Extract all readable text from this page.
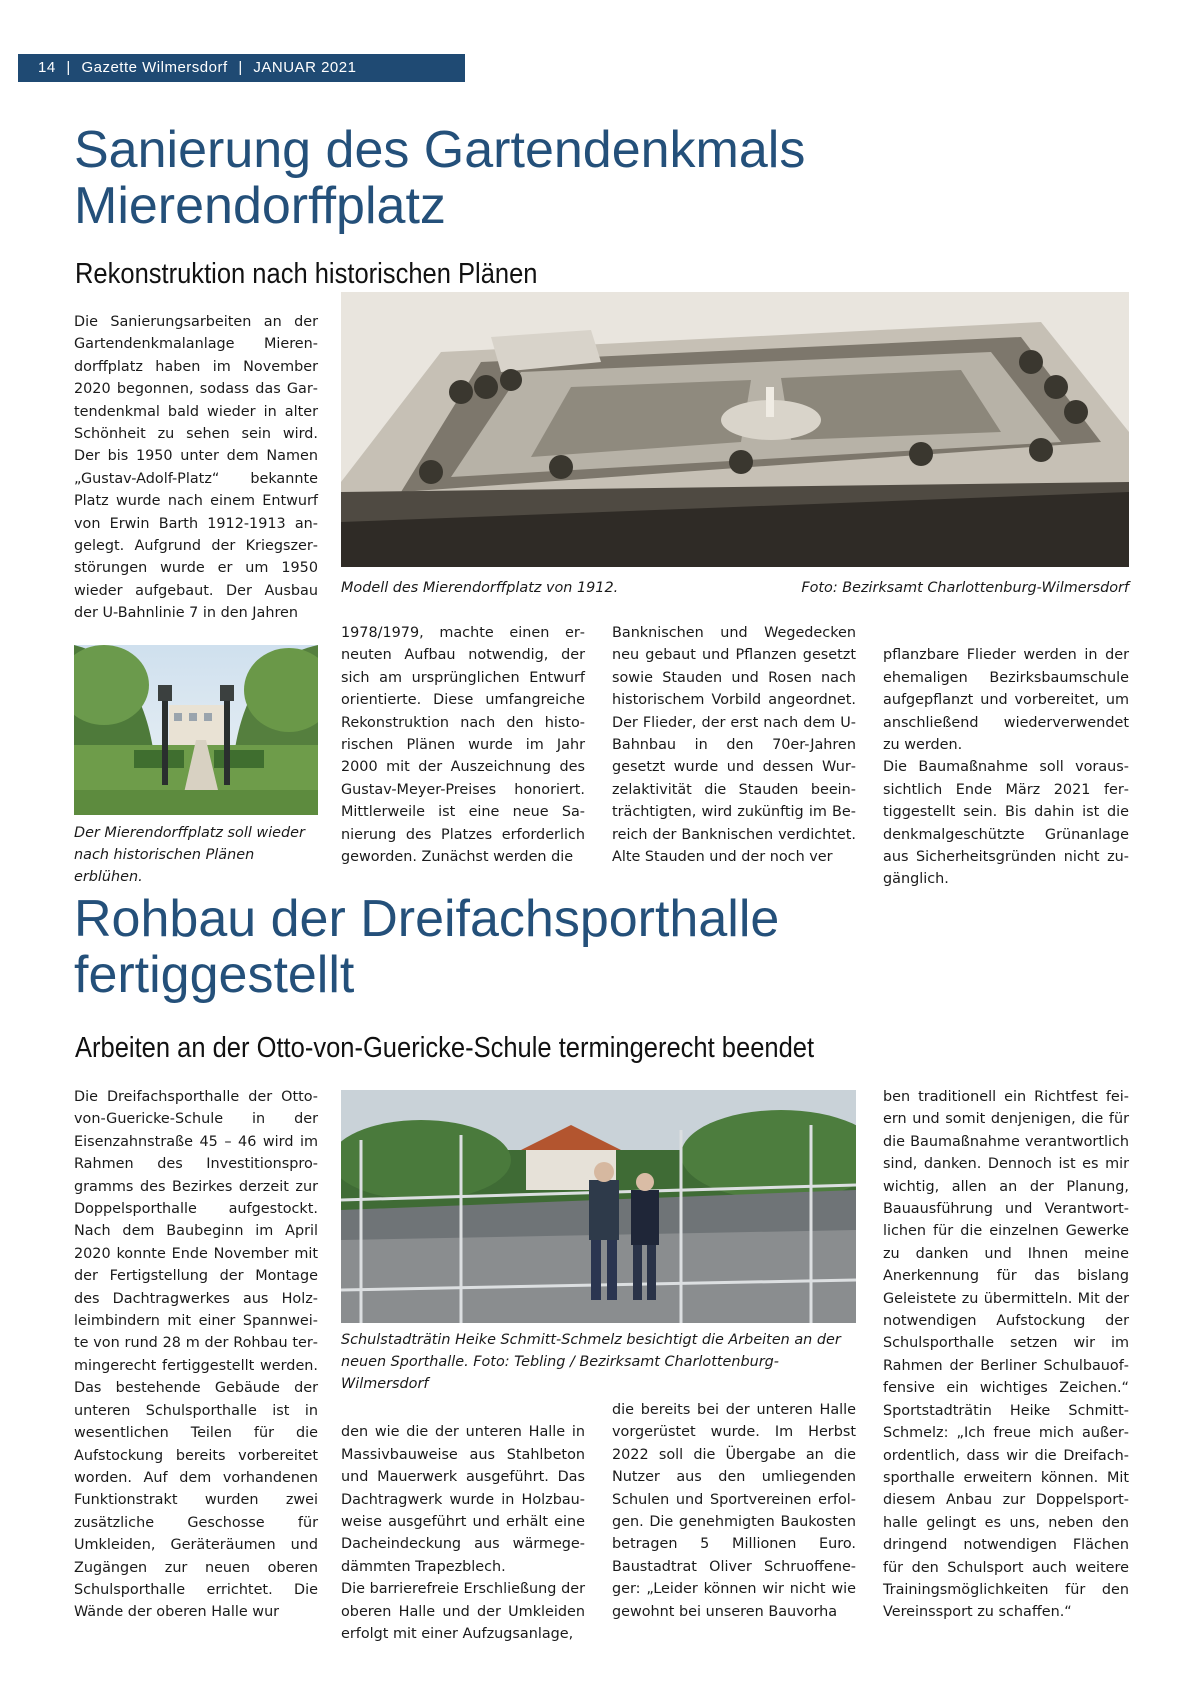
14 | Gazette Wilmersdorf | JANUAR 2021
Sanierung des Gartendenkmals
Mierendorffplatz
Rekonstruktion nach historischen Plänen

Die Sanierungsarbeiten an der Gartendenkmalanlage Mierendorffplatz haben im November 2020 begonnen, sodass das Gartendenkmal bald wieder in alter Schönheit zu sehen sein wird. Der bis 1950 unter dem Namen „Gustav-Adolf-Platz“ bekannte Platz wurde nach einem Entwurf von Erwin Barth 1912-1913 angelegt. Aufgrund der Kriegszerstörungen wurde er um 1950 wieder aufgebaut. Der Ausbau der U-Bahnlinie 7 in den Jahren

Der Mierendorffplatz soll wieder nach historischen Plänen erblühen.
Modell des Mierendorffplatz von 1912.	Foto: Bezirksamt Charlottenburg-Wilmersdorf

1978/1979, machte einen erneuten Aufbau notwendig, der sich am ursprünglichen Entwurf orientierte. Diese umfangreiche Rekonstruktion nach den historischen Plänen wurde im Jahr 2000 mit der Auszeichnung des Gustav-Meyer-Preises honoriert. Mittlerweile ist eine neue Sanierung des Platzes erforderlich geworden. Zunächst werden die

Banknischen und Wegedecken neu gebaut und Pflanzen gesetzt sowie Stauden und Rosen nach historischem Vorbild angeordnet. Der Flieder, der erst nach dem U-Bahnbau in den 70er-Jahren gesetzt wurde und dessen Wurzelaktivität die Stauden beeinträchtigten, wird zukünftig im Bereich der Banknischen verdichtet. Alte Stauden und der noch ver

pflanzbare Flieder werden in der ehemaligen Bezirksbaumschule aufgepflanzt und vorbereitet, um anschließend wiederverwendet zu werden.
Die Baumaßnahme soll voraussichtlich Ende März 2021 fertiggestellt sein. Bis dahin ist die denkmalgeschützte Grünanlage aus Sicherheitsgründen nicht zugänglich.

Rohbau der Dreifachsporthalle
fertiggestellt
Arbeiten an der Otto-von-Guericke-Schule termingerecht beendet

Die Dreifachsporthalle der Otto-von-Guericke-Schule in der Eisenzahnstraße 45 – 46 wird im Rahmen des Investitionsprogramms des Bezirkes derzeit zur Doppelsporthalle aufgestockt. Nach dem Baubeginn im April 2020 konnte Ende November mit der Fertigstellung der Montage des Dachtragwerkes aus Holzleimbindern mit einer Spannweite von rund 28 m der Rohbau termingerecht fertiggestellt werden. Das bestehende Gebäude der unteren Schulsporthalle ist in wesentlichen Teilen für die Aufstockung bereits vorbereitet worden. Auf dem vorhandenen Funktionstrakt wurden zwei zusätzliche Geschosse für Umkleiden, Geräteräumen und Zugängen zur neuen oberen Schulsporthalle errichtet. Die Wände der oberen Halle wur

Schulstadträtin Heike Schmitt-Schmelz besichtigt die Arbeiten an der neuen Sporthalle. Foto: Tebling / Bezirksamt Charlottenburg-Wilmersdorf

den wie die der unteren Halle in Massivbauweise aus Stahlbeton und Mauerwerk ausgeführt. Das Dachtragwerk wurde in Holzbauweise ausgeführt und erhält eine Dacheindeckung aus wärmegedämmten Trapezblech.
Die barrierefreie Erschließung der oberen Halle und der Umkleiden erfolgt mit einer Aufzugsanlage,

die bereits bei der unteren Halle vorgerüstet wurde. Im Herbst 2022 soll die Übergabe an die Nutzer aus den umliegenden Schulen und Sportvereinen erfolgen. Die genehmigten Baukosten betragen 5 Millionen Euro. Baustadtrat Oliver Schruoffeneger: „Leider können wir nicht wie gewohnt bei unseren Bauvorha

ben traditionell ein Richtfest feiern und somit denjenigen, die für die Baumaßnahme verantwortlich sind, danken. Dennoch ist es mir wichtig, allen an der Planung, Bauausführung und Verantwortlichen für die einzelnen Gewerke zu danken und Ihnen meine Anerkennung für das bislang Geleistete zu übermitteln. Mit der notwendigen Aufstockung der Schulsporthalle setzen wir im Rahmen der Berliner Schulbauoffensive ein wichtiges Zeichen.“ Sportstadträtin Heike Schmitt-Schmelz: „Ich freue mich außerordentlich, dass wir die Dreifachsporthalle erweitern können. Mit diesem Anbau zur Doppelsporthalle gelingt es uns, neben den dringend notwendigen Flächen für den Schulsport auch weitere Trainingsmöglichkeiten für den Vereinssport zu schaffen.“
